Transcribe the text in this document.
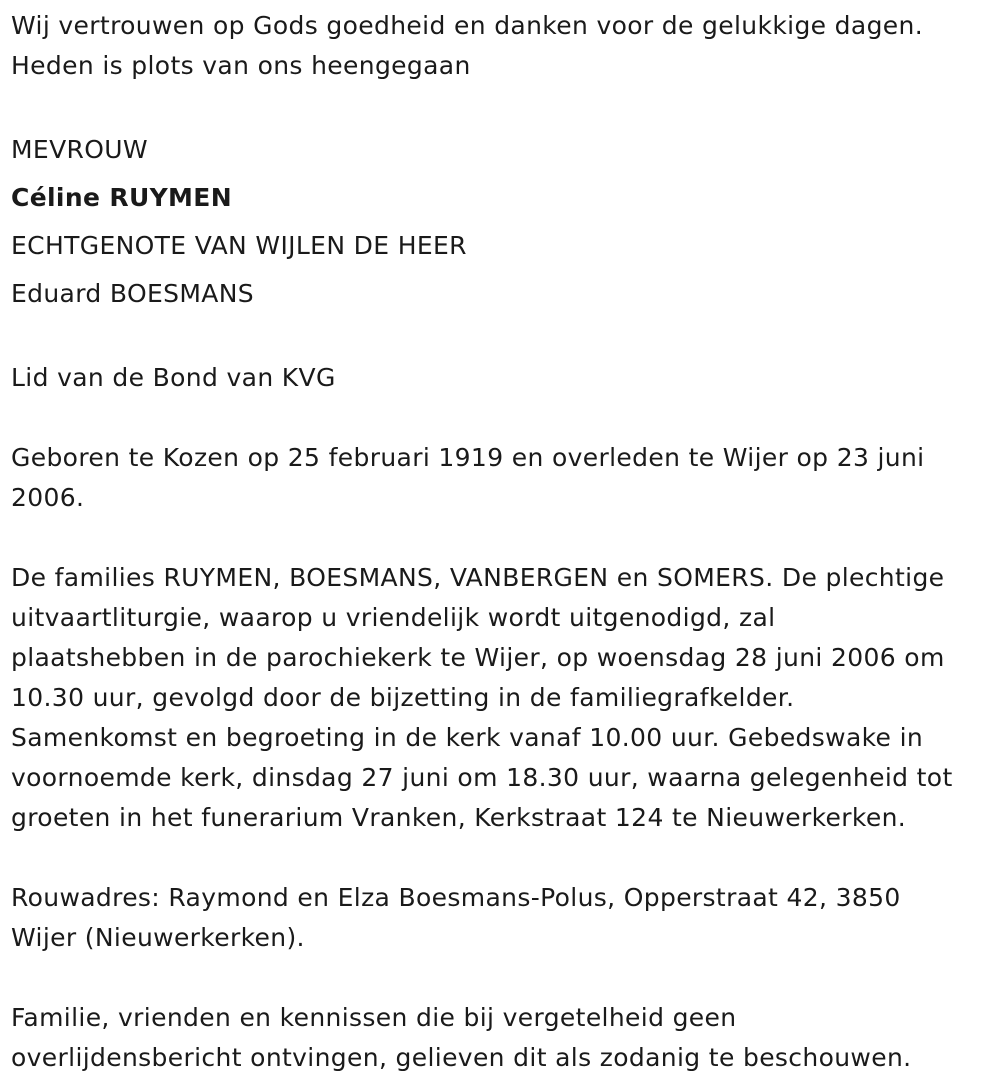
Wij vertrouwen op Gods goedheid en danken voor de gelukkige dagen.
Heden is plots van ons heengegaan
MEVROUW
Céline RUYMEN
ECHTGENOTE VAN WIJLEN DE HEER
Eduard BOESMANS
Lid van de Bond van KVG
Geboren te Kozen op 25 februari 1919 en overleden te Wijer op 23 juni
2006.
De families RUYMEN, BOESMANS, VANBERGEN en SOMERS. De plechtige
uitvaartliturgie, waarop u vriendelijk wordt uitgenodigd, zal
plaatshebben in de parochiekerk te Wijer, op woensdag 28 juni 2006 om
10.30 uur, gevolgd door de bijzetting in de familiegrafkelder.
Samenkomst en begroeting in de kerk vanaf 10.00 uur. Gebedswake in
voornoemde kerk, dinsdag 27 juni om 18.30 uur, waarna gelegenheid tot
groeten in het funerarium Vranken, Kerkstraat 124 te Nieuwerkerken.
Rouwadres: Raymond en Elza Boesmans-Polus, Opperstraat 42, 3850
Wijer (Nieuwerkerken).
Familie, vrienden en kennissen die bij vergetelheid geen
overlijdensbericht ontvingen, gelieven dit als zodanig te beschouwen.
